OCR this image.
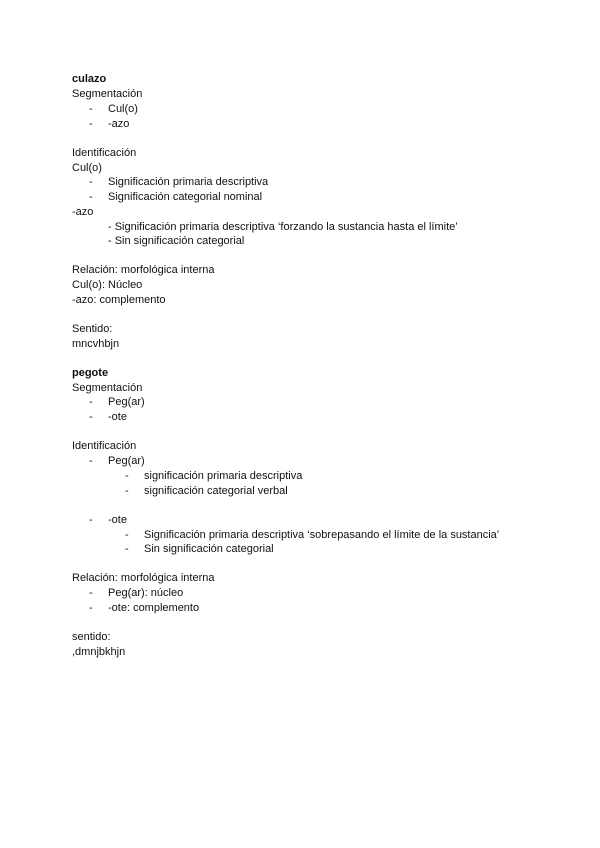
culazo
Segmentación
- Cul(o)
- -azo
Identificación
Cul(o)
- Significación primaria descriptiva
- Significación categorial nominal
-azo
- Significación primaria descriptiva ‘forzando la sustancia hasta el límite’
- Sin significación categorial
Relación: morfológica interna
Cul(o): Núcleo
-azo: complemento
Sentido:
mncvhbjn
pegote
Segmentación
- Peg(ar)
- -ote
Identificación
- Peg(ar)
- significación primaria descriptiva
- significación categorial verbal
- -ote
- Significación primaria descriptiva ‘sobrepasando el límite de la sustancia’
- Sin significación categorial
Relación: morfológica interna
- Peg(ar): núcleo
- -ote: complemento
sentido:
,dmnjbkhjn
